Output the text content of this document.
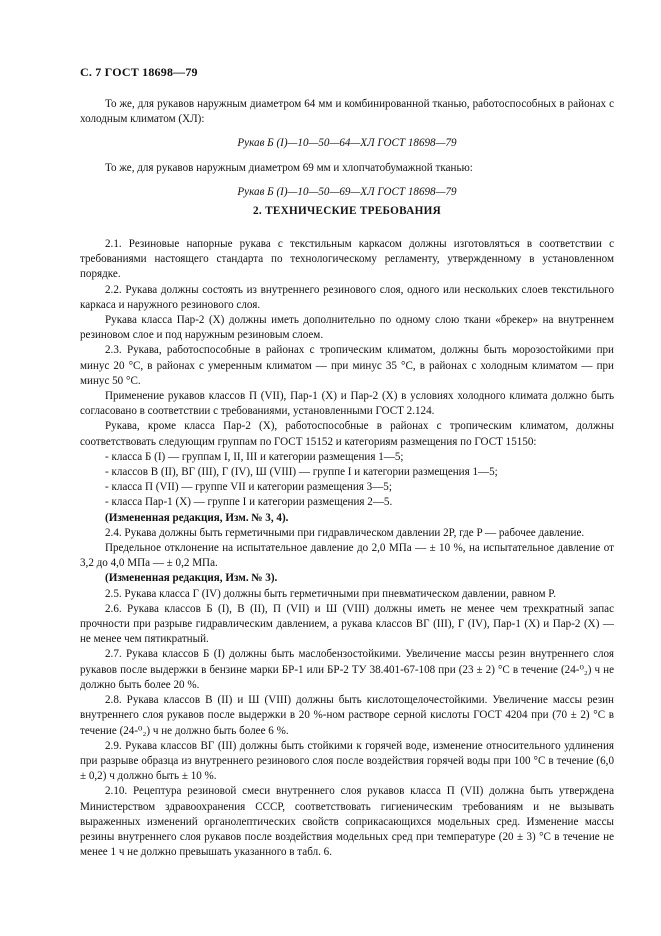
С. 7 ГОСТ 18698—79

То же, для рукавов наружным диаметром 64 мм и комбинированной тканью, работоспособных в районах с холодным климатом (ХЛ):

Рукав Б (I)—10—50—64—ХЛ ГОСТ 18698—79

То же, для рукавов наружным диаметром 69 мм и хлопчатобумажной тканью:

Рукав Б (I)—10—50—69—ХЛ ГОСТ 18698—79

2. ТЕХНИЧЕСКИЕ ТРЕБОВАНИЯ

2.1. Резиновые напорные рукава с текстильным каркасом должны изготовляться в соответствии с требованиями настоящего стандарта по технологическому регламенту, утвержденному в установленном порядке.

2.2. Рукава должны состоять из внутреннего резинового слоя, одного или нескольких слоев текстильного каркаса и наружного резинового слоя.

Рукава класса Пар-2 (X) должны иметь дополнительно по одному слою ткани «брекер» на внутреннем резиновом слое и под наружным резиновым слоем.

2.3. Рукава, работоспособные в районах с тропическим климатом, должны быть морозостойкими при минус 20 °С, в районах с умеренным климатом — при минус 35 °С, в районах с холодным климатом — при минус 50 °С.

Применение рукавов классов П (VII), Пар-1 (X) и Пар-2 (X) в условиях холодного климата должно быть согласовано в соответствии с требованиями, установленными ГОСТ 2.124.

Рукава, кроме класса Пар-2 (X), работоспособные в районах с тропическим климатом, должны соответствовать следующим группам по ГОСТ 15152 и категориям размещения по ГОСТ 15150:

- класса Б (I) — группам I, II, III и категории размещения 1—5;
- классов В (II), ВГ (III), Г (IV), Ш (VIII) — группе I и категории размещения 1—5;
- класса П (VII) — группе VII и категории размещения 3—5;
- класса Пар-1 (X) — группе I и категории размещения 2—5.

(Измененная редакция, Изм. № 3, 4).

2.4. Рукава должны быть герметичными при гидравлическом давлении 2P, где P — рабочее давление.

Предельное отклонение на испытательное давление до 2,0 МПа — ± 10 %, на испытательное давление от 3,2 до 4,0 МПа — ± 0,2 МПа.

(Измененная редакция, Изм. № 3).

2.5. Рукава класса Г (IV) должны быть герметичными при пневматическом давлении, равном P.

2.6. Рукава классов Б (I), В (II), П (VII) и Ш (VIII) должны иметь не менее чем трехкратный запас прочности при разрыве гидравлическим давлением, а рукава классов ВГ (III), Г (IV), Пар-1 (X) и Пар-2 (X) — не менее чем пятикратный.

2.7. Рукава классов Б (I) должны быть маслобензостойкими. Увеличение массы резин внутреннего слоя рукавов после выдержки в бензине марки БР-1 или БР-2 ТУ 38.401-67-108 при (23 ± 2) °С в течение (24-⁰₂) ч не должно быть более 20 %.

2.8. Рукава классов В (II) и Ш (VIII) должны быть кислотощелочестойкими. Увеличение массы резин внутреннего слоя рукавов после выдержки в 20 %-ном растворе серной кислоты ГОСТ 4204 при (70 ± 2) °С в течение (24-⁰₂) ч не должно быть более 6 %.

2.9. Рукава классов ВГ (III) должны быть стойкими к горячей воде, изменение относительного удлинения при разрыве образца из внутреннего резинового слоя после воздействия горячей воды при 100 °С в течение (6,0 ± 0,2) ч должно быть ± 10 %.

2.10. Рецептура резиновой смеси внутреннего слоя рукавов класса П (VII) должна быть утверждена Министерством здравоохранения СССР, соответствовать гигиеническим требованиям и не вызывать выраженных изменений органолептических свойств соприкасающихся модельных сред. Изменение массы резины внутреннего слоя рукавов после воздействия модельных сред при температуре (20 ± 3) °С в течение не менее 1 ч не должно превышать указанного в табл. 6.
